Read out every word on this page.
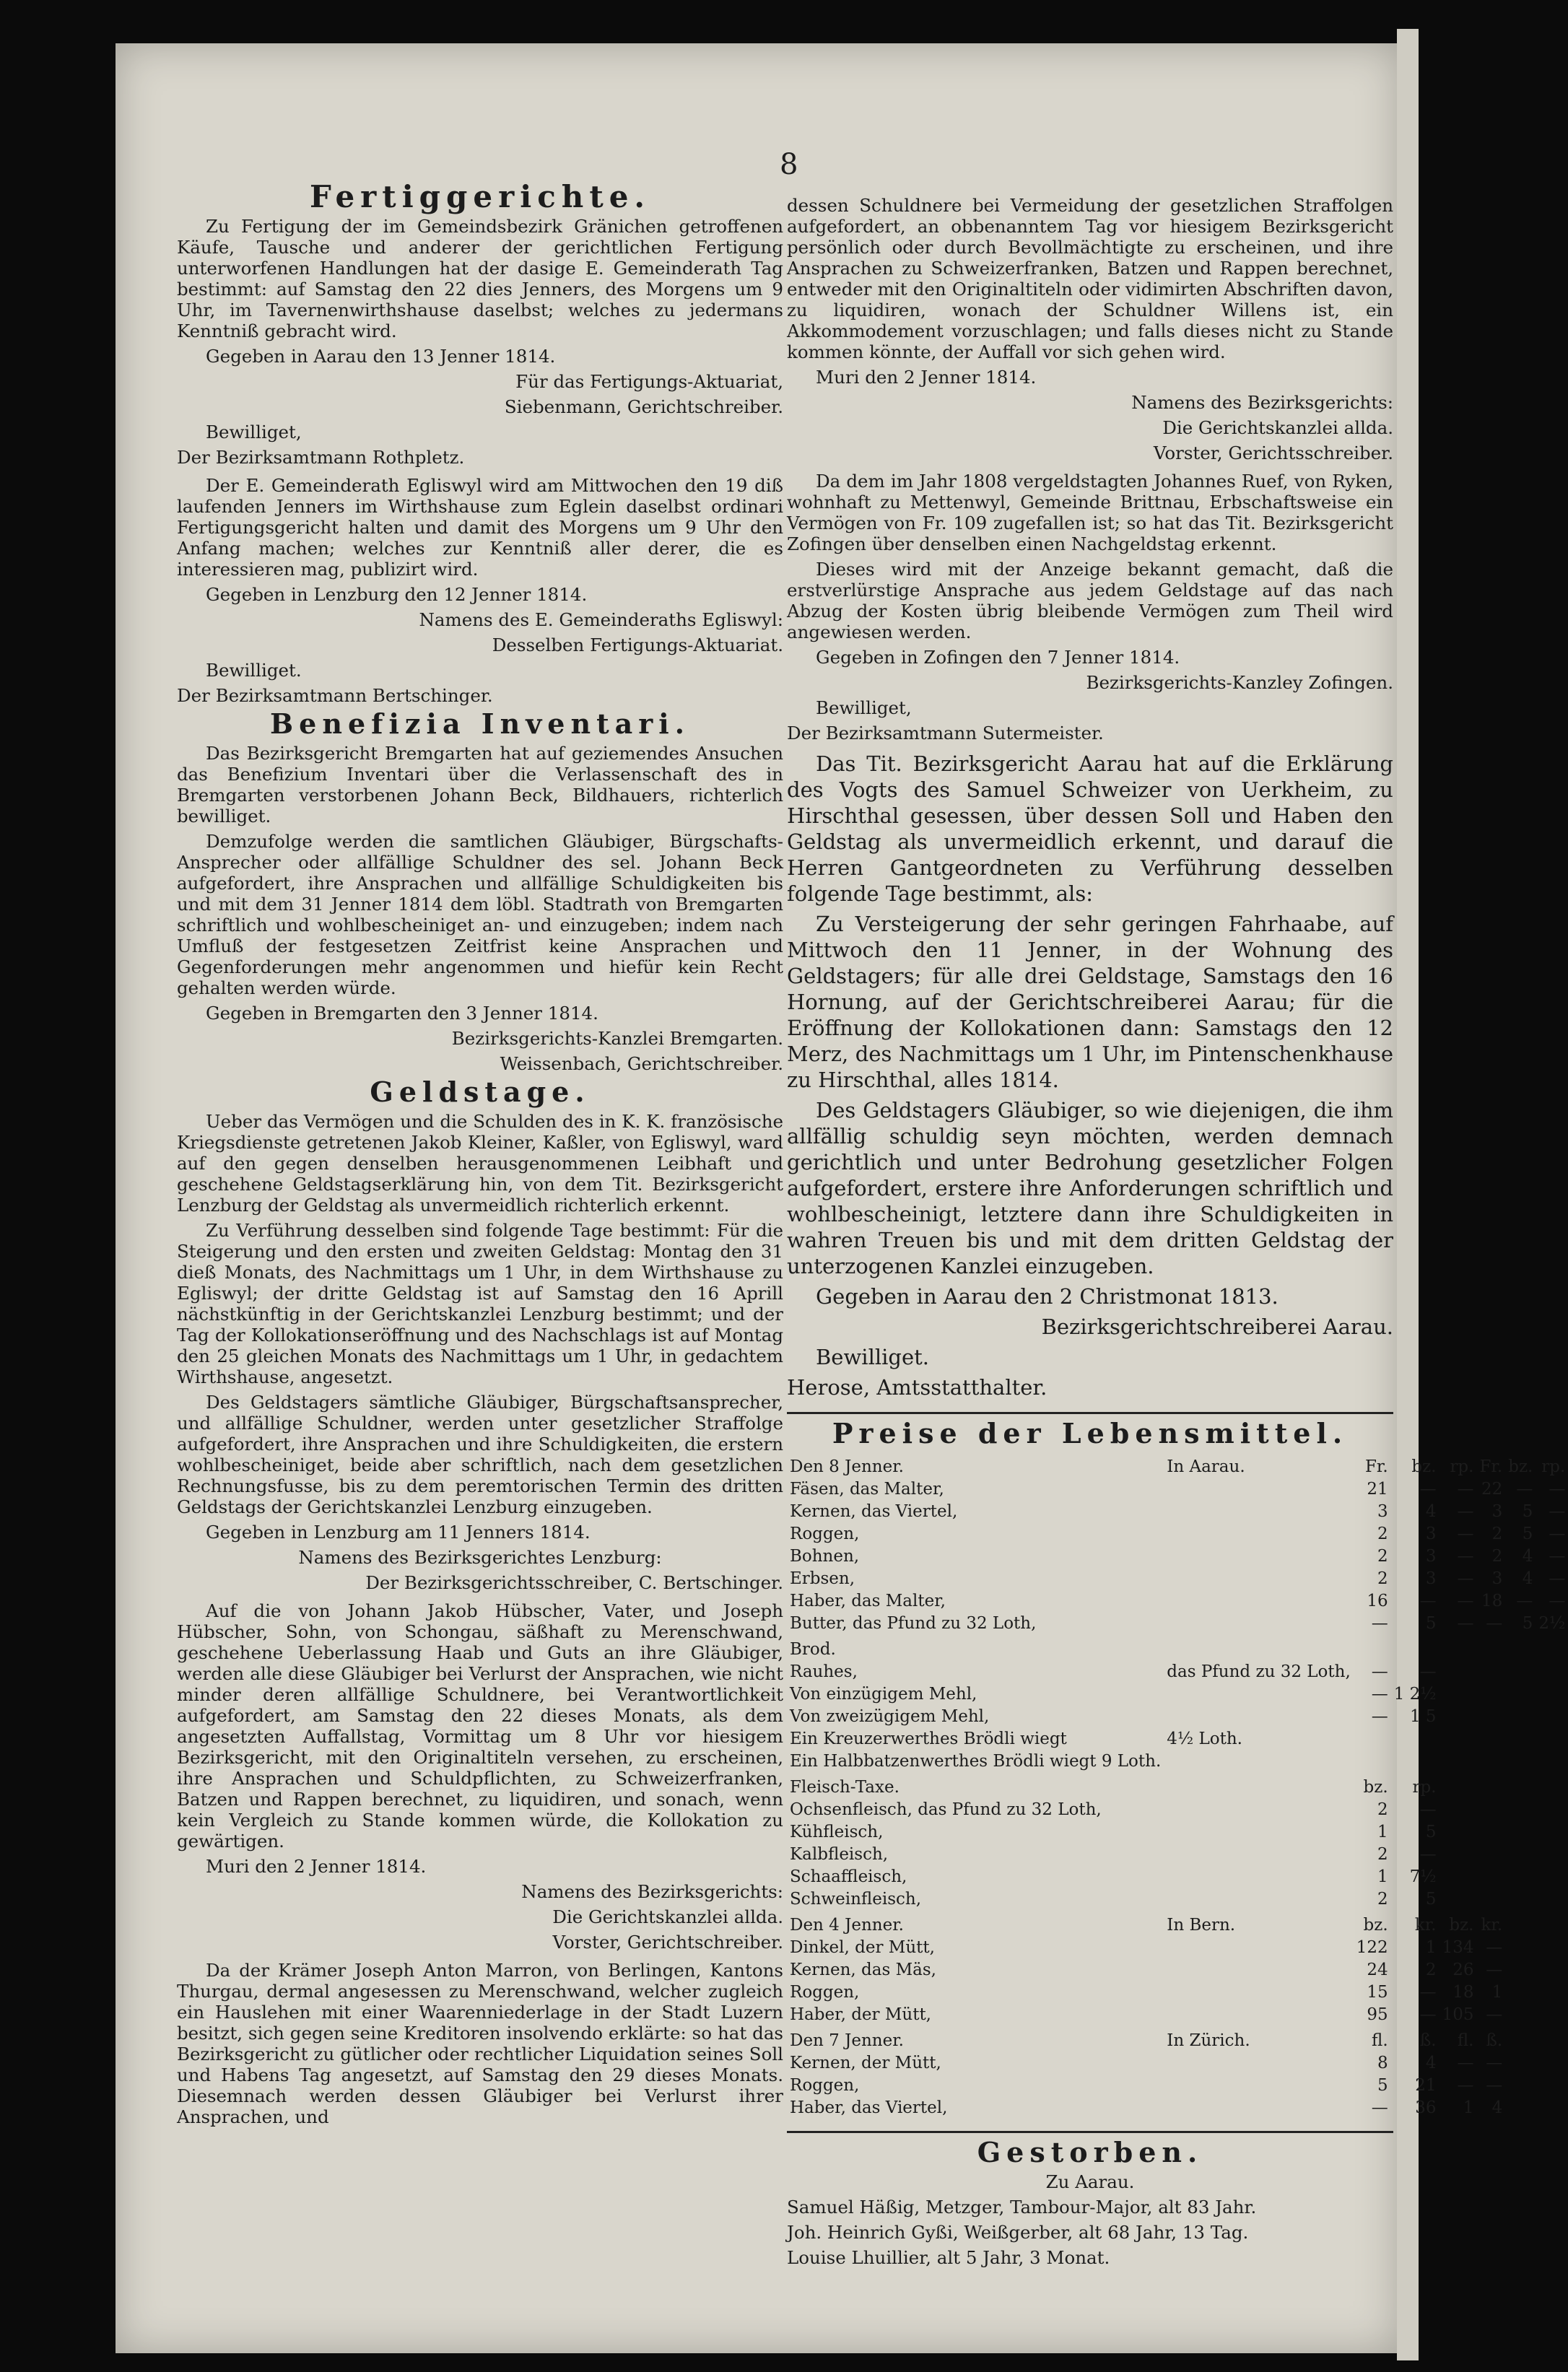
8
Fertiggerichte.

Zu Fertigung der im Gemeindsbezirk Gränichen getroffenen Käufe, Tausche und anderer der gerichtlichen Fertigung unterworfenen Handlungen hat der dasige E. Gemeinderath Tag bestimmt: auf Samstag den 22 dies Jenners, des Morgens um 9 Uhr, im Tavernenwirthshause daselbst; welches zu jedermans Kenntniß gebracht wird.

Gegeben in Aarau den 13 Jenner 1814.

Für das Fertigungs-Aktuariat,

Siebenmann, Gerichtschreiber.

Bewilliget,

Der Bezirksamtmann Rothpletz.

Der E. Gemeinderath Egliswyl wird am Mittwochen den 19 diß laufenden Jenners im Wirthshause zum Eglein daselbst ordinari Fertigungsgericht halten und damit des Morgens um 9 Uhr den Anfang machen; welches zur Kenntniß aller derer, die es interessieren mag, publizirt wird.

Gegeben in Lenzburg den 12 Jenner 1814.

Namens des E. Gemeinderaths Egliswyl:

Desselben Fertigungs-Aktuariat.

Bewilliget.

Der Bezirksamtmann Bertschinger.

Benefizia Inventari.

Das Bezirksgericht Bremgarten hat auf geziemendes Ansuchen das Benefizium Inventari über die Verlassenschaft des in Bremgarten verstorbenen Johann Beck, Bildhauers, richterlich bewilliget.

Demzufolge werden die samtlichen Gläubiger, Bürgschafts-Ansprecher oder allfällige Schuldner des sel. Johann Beck aufgefordert, ihre Ansprachen und allfällige Schuldigkeiten bis und mit dem 31 Jenner 1814 dem löbl. Stadtrath von Bremgarten schriftlich und wohlbescheiniget an- und einzugeben; indem nach Umfluß der festgesetzen Zeitfrist keine Ansprachen und Gegenforderungen mehr angenommen und hiefür kein Recht gehalten werden würde.

Gegeben in Bremgarten den 3 Jenner 1814.

Bezirksgerichts-Kanzlei Bremgarten.

Weissenbach, Gerichtschreiber.

Geldstage.

Ueber das Vermögen und die Schulden des in K. K. französische Kriegsdienste getretenen Jakob Kleiner, Kaßler, von Egliswyl, ward auf den gegen denselben herausgenommenen Leibhaft und geschehene Geldstagserklärung hin, von dem Tit. Bezirksgericht Lenzburg der Geldstag als unvermeidlich richterlich erkennt.

Zu Verführung desselben sind folgende Tage bestimmt: Für die Steigerung und den ersten und zweiten Geldstag: Montag den 31 dieß Monats, des Nachmittags um 1 Uhr, in dem Wirthshause zu Egliswyl; der dritte Geldstag ist auf Samstag den 16 Aprill nächstkünftig in der Gerichtskanzlei Lenzburg bestimmt; und der Tag der Kollokationseröffnung und des Nachschlags ist auf Montag den 25 gleichen Monats des Nachmittags um 1 Uhr, in gedachtem Wirthshause, angesetzt.

Des Geldstagers sämtliche Gläubiger, Bürgschaftsansprecher, und allfällige Schuldner, werden unter gesetzlicher Straffolge aufgefordert, ihre Ansprachen und ihre Schuldigkeiten, die erstern wohlbescheiniget, beide aber schriftlich, nach dem gesetzlichen Rechnungsfusse, bis zu dem peremtorischen Termin des dritten Geldstags der Gerichtskanzlei Lenzburg einzugeben.

Gegeben in Lenzburg am 11 Jenners 1814.

Namens des Bezirksgerichtes Lenzburg:

Der Bezirksgerichtsschreiber, C. Bertschinger.

Auf die von Johann Jakob Hübscher, Vater, und Joseph Hübscher, Sohn, von Schongau, säßhaft zu Merenschwand, geschehene Ueberlassung Haab und Guts an ihre Gläubiger, werden alle diese Gläubiger bei Verlurst der Ansprachen, wie nicht minder deren allfällige Schuldnere, bei Verantwortlichkeit aufgefordert, am Samstag den 22 dieses Monats, als dem angesetzten Auffallstag, Vormittag um 8 Uhr vor hiesigem Bezirksgericht, mit den Originaltiteln versehen, zu erscheinen, ihre Ansprachen und Schuldpflichten, zu Schweizerfranken, Batzen und Rappen berechnet, zu liquidiren, und sonach, wenn kein Vergleich zu Stande kommen würde, die Kollokation zu gewärtigen.

Muri den 2 Jenner 1814.

Namens des Bezirksgerichts:

Die Gerichtskanzlei allda.

Vorster, Gerichtschreiber.

Da der Krämer Joseph Anton Marron, von Berlingen, Kantons Thurgau, dermal angesessen zu Merenschwand, welcher zugleich ein Hauslehen mit einer Waarenniederlage in der Stadt Luzern besitzt, sich gegen seine Kreditoren insolvendo erklärte: so hat das Bezirksgericht zu gütlicher oder rechtlicher Liquidation seines Soll und Habens Tag angesetzt, auf Samstag den 29 dieses Monats. Diesemnach werden dessen Gläubiger bei Verlurst ihrer Ansprachen, und

dessen Schuldnere bei Vermeidung der gesetzlichen Straffolgen aufgefordert, an obbenanntem Tag vor hiesigem Bezirksgericht persönlich oder durch Bevollmächtigte zu erscheinen, und ihre Ansprachen zu Schweizerfranken, Batzen und Rappen berechnet, entweder mit den Originaltiteln oder vidimirten Abschriften davon, zu liquidiren, wonach der Schuldner Willens ist, ein Akkommodement vorzuschlagen; und falls dieses nicht zu Stande kommen könnte, der Auffall vor sich gehen wird.

Muri den 2 Jenner 1814.

Namens des Bezirksgerichts:

Die Gerichtskanzlei allda.

Vorster, Gerichtsschreiber.

Da dem im Jahr 1808 vergeldstagten Johannes Ruef, von Ryken, wohnhaft zu Mettenwyl, Gemeinde Brittnau, Erbschaftsweise ein Vermögen von Fr. 109 zugefallen ist; so hat das Tit. Bezirksgericht Zofingen über denselben einen Nachgeldstag erkennt.

Dieses wird mit der Anzeige bekannt gemacht, daß die erstverlürstige Ansprache aus jedem Geldstage auf das nach Abzug der Kosten übrig bleibende Vermögen zum Theil wird angewiesen werden.

Gegeben in Zofingen den 7 Jenner 1814.

Bezirksgerichts-Kanzley Zofingen.

Bewilliget,

Der Bezirksamtmann Sutermeister.

Das Tit. Bezirksgericht Aarau hat auf die Erklärung des Vogts des Samuel Schweizer von Uerkheim, zu Hirschthal gesessen, über dessen Soll und Haben den Geldstag als unvermeidlich erkennt, und darauf die Herren Gantgeordneten zu Verführung desselben folgende Tage bestimmt, als:

Zu Versteigerung der sehr geringen Fahrhaabe, auf Mittwoch den 11 Jenner, in der Wohnung des Geldstagers; für alle drei Geldstage, Samstags den 16 Hornung, auf der Gerichtschreiberei Aarau; für die Eröffnung der Kollokationen dann: Samstags den 12 Merz, des Nachmittags um 1 Uhr, im Pintenschenkhause zu Hirschthal, alles 1814.

Des Geldstagers Gläubiger, so wie diejenigen, die ihm allfällig schuldig seyn möchten, werden demnach gerichtlich und unter Bedrohung gesetzlicher Folgen aufgefordert, erstere ihre Anforderungen schriftlich und wohlbescheinigt, letztere dann ihre Schuldigkeiten in wahren Treuen bis und mit dem dritten Geldstag der unterzogenen Kanzlei einzugeben.

Gegeben in Aarau den 2 Christmonat 1813.

Bezirksgerichtschreiberei Aarau.

Bewilliget.

Herose, Amtsstatthalter.

Preise der Lebensmittel.
Den 8 Jenner.	In Aarau.	Fr.	bz.	rp.	Fr.	bz.	rp.
Fäsen, das Malter,		21	—	—	22	—	—
Kernen, das Viertel,		3	4	—	3	5	—
Roggen,		2	3	—	2	5	—
Bohnen,		2	3	—	2	4	—
Erbsen,		2	3	—	3	4	—
Haber, das Malter,		16	—	—	18	—	—
Butter, das Pfund zu 32 Loth,		—	5	—	—	5	2½
Brod.							
Rauhes,	das Pfund zu 32 Loth,	—	—				
Von einzügigem Mehl,		—	1 2½				
Von zweizügigem Mehl,		—	1 5				
Ein Kreuzerwerthes Brödli wiegt	4½ Loth.						
Ein Halbbatzenwerthes Brödli wiegt 9 Loth.							
Fleisch-Taxe.		bz.	rp.				
Ochsenfleisch, das Pfund zu 32 Loth,		2	—				
Kühfleisch,		1	5				
Kalbfleisch,		2	—				
Schaaffleisch,		1	7½				
Schweinfleisch,		2	5				
Den 4 Jenner.	In Bern.	bz.	kr.	bz.	kr.		
Dinkel, der Mütt,		122	1	134	—		
Kernen, das Mäs,		24	2	26	—		
Roggen,		15	—	18	1		
Haber, der Mütt,		95	—	105	—		
Den 7 Jenner.	In Zürich.	fl.	ß.	fl.	ß.		
Kernen, der Mütt,		8	4	—	—		
Roggen,		5	21	—	—		
Haber, das Viertel,		—	36	1	4		
Gestorben.

Zu Aarau.

Samuel Häßig, Metzger, Tambour-Major, alt 83 Jahr.

Joh. Heinrich Gyßi, Weißgerber, alt 68 Jahr, 13 Tag.

Louise Lhuillier, alt 5 Jahr, 3 Monat.
